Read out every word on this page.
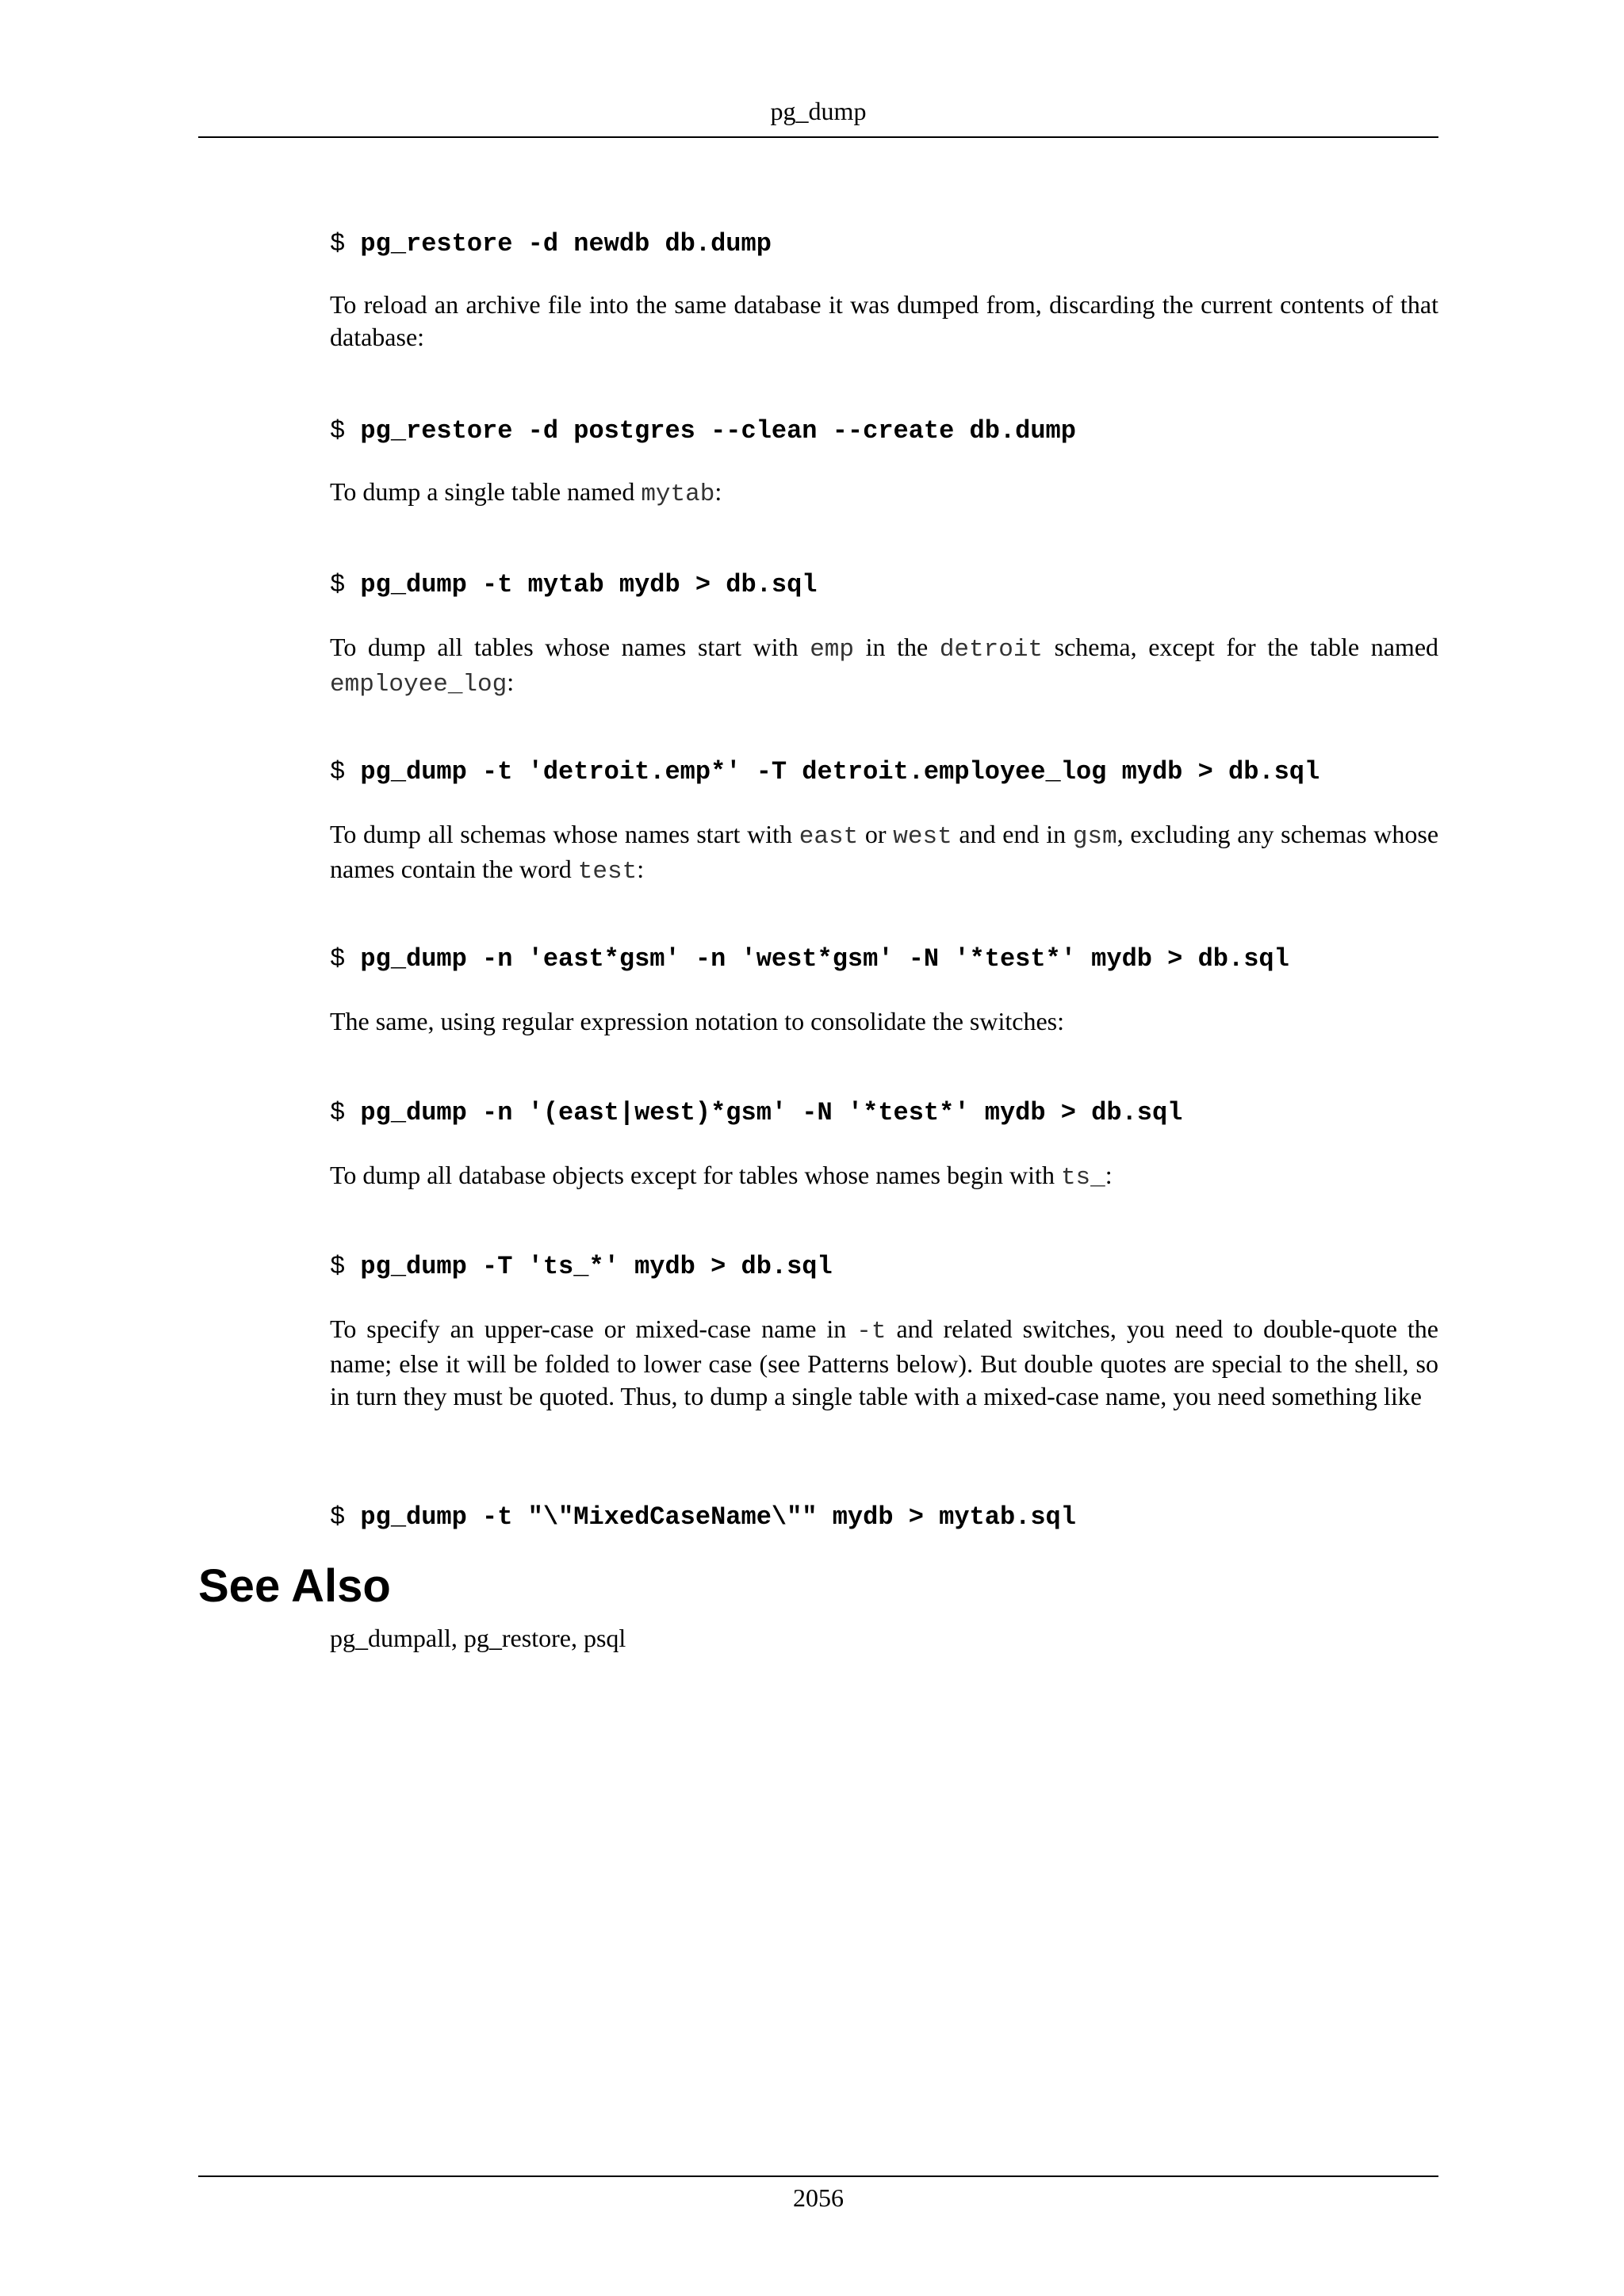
pg_dump
$ pg_restore -d newdb db.dump
To reload an archive file into the same database it was dumped from, discarding the current contents of that database:
$ pg_restore -d postgres --clean --create db.dump
To dump a single table named mytab:
$ pg_dump -t mytab mydb > db.sql
To dump all tables whose names start with emp in the detroit schema, except for the table named employee_log:
$ pg_dump -t 'detroit.emp*' -T detroit.employee_log mydb > db.sql
To dump all schemas whose names start with east or west and end in gsm, excluding any schemas whose names contain the word test:
$ pg_dump -n 'east*gsm' -n 'west*gsm' -N '*test*' mydb > db.sql
The same, using regular expression notation to consolidate the switches:
$ pg_dump -n '(east|west)*gsm' -N '*test*' mydb > db.sql
To dump all database objects except for tables whose names begin with ts_:
$ pg_dump -T 'ts_*' mydb > db.sql
To specify an upper-case or mixed-case name in -t and related switches, you need to double-quote the name; else it will be folded to lower case (see Patterns below). But double quotes are special to the shell, so in turn they must be quoted. Thus, to dump a single table with a mixed-case name, you need something like
$ pg_dump -t "\"MixedCaseName\"" mydb > mytab.sql
See Also
pg_dumpall, pg_restore, psql
2056
